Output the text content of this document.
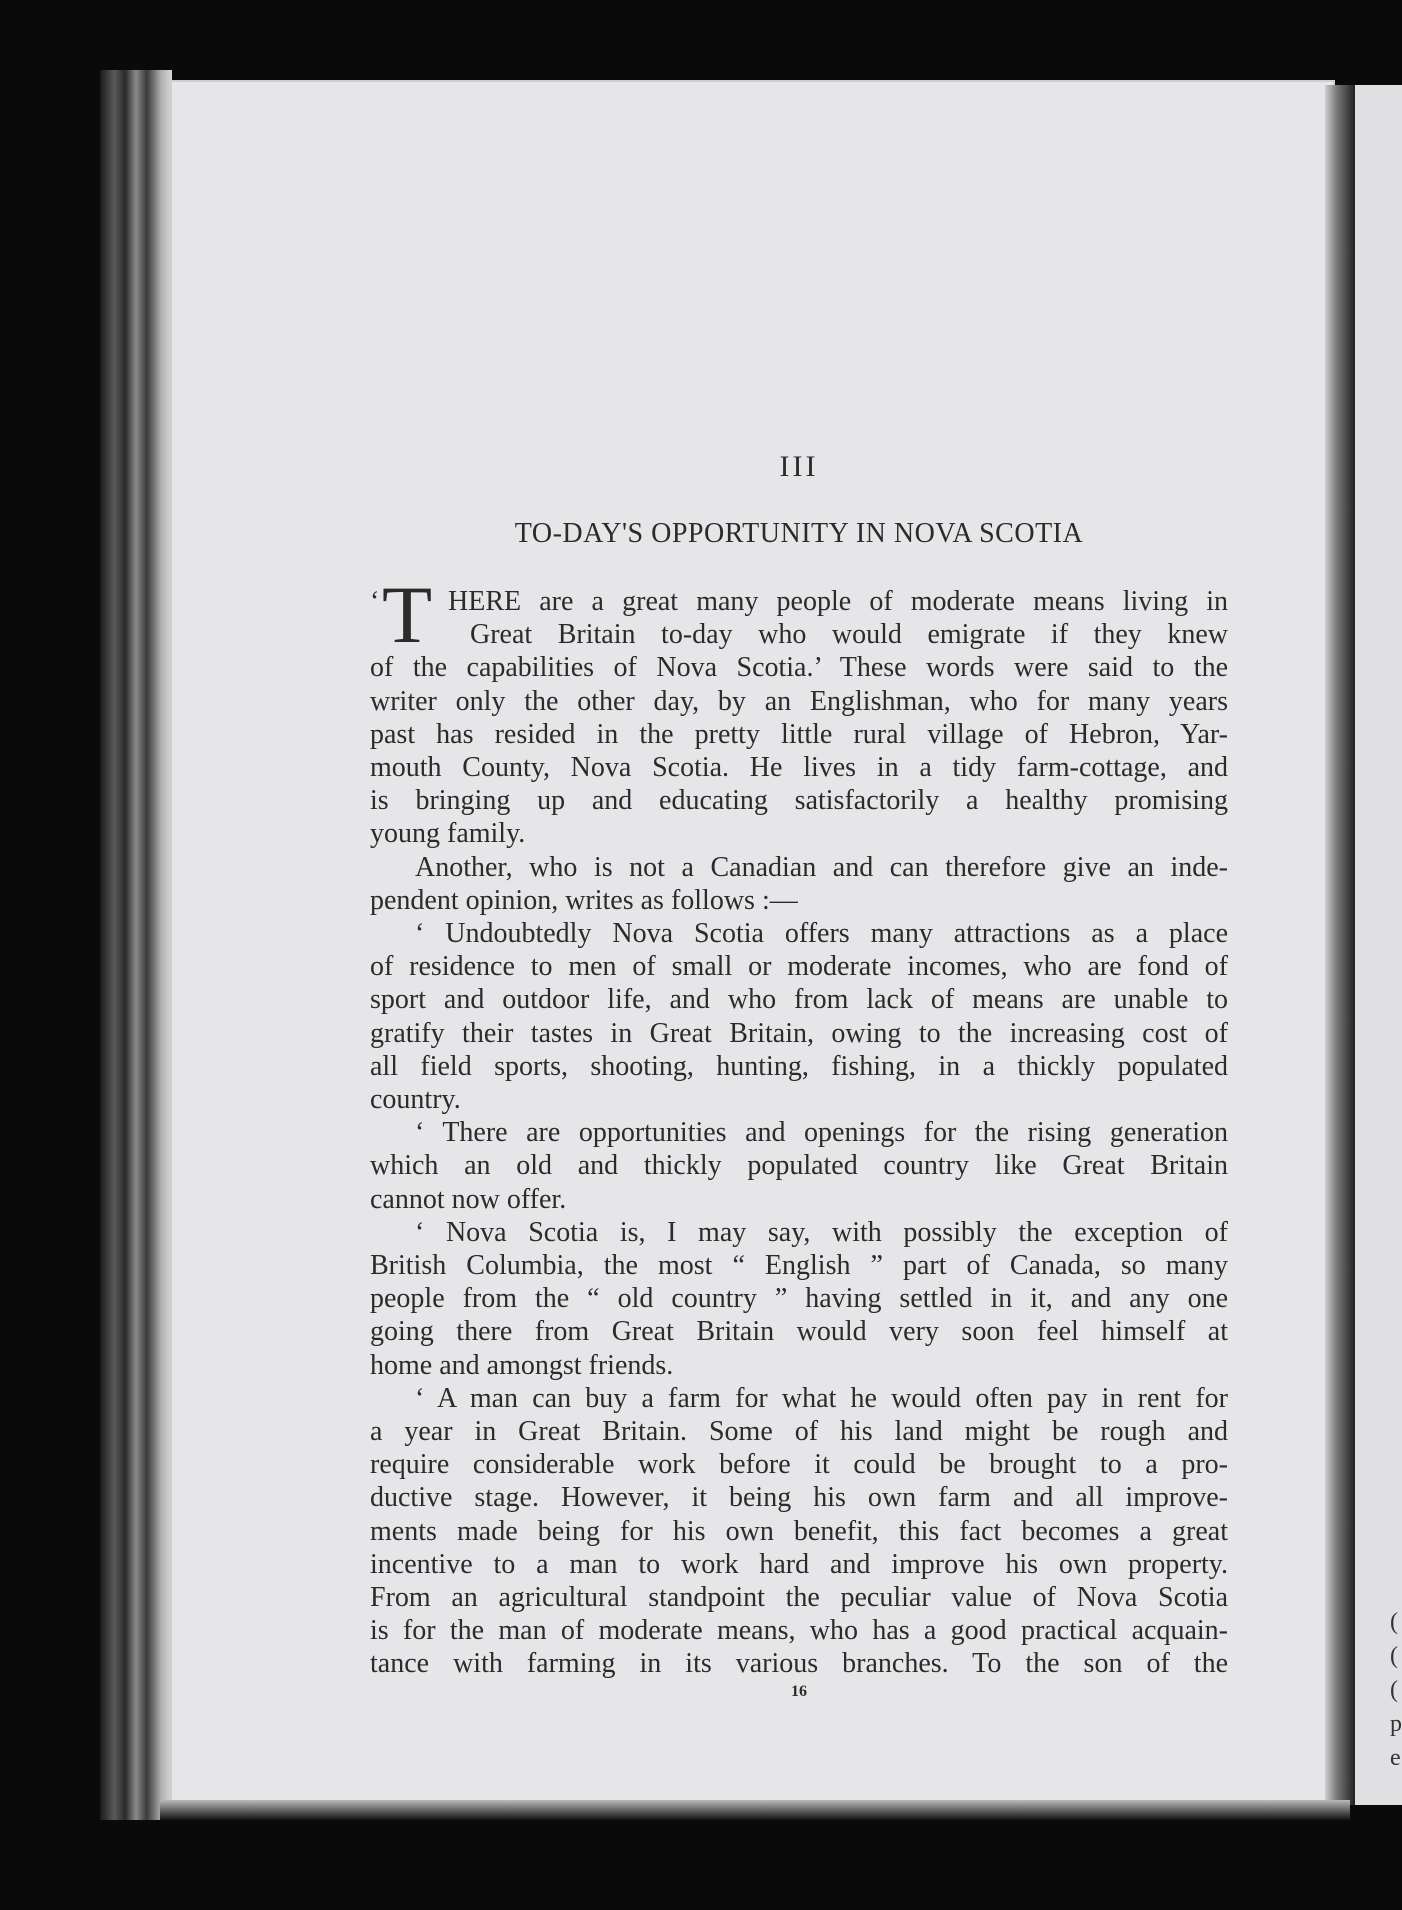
III
TO-DAY'S OPPORTUNITY IN NOVA SCOTIA
‘ T HERE are a great many people of moderate means living in
Great Britain to-day who would emigrate if they knew
of the capabilities of Nova Scotia.’ These words were said to the
writer only the other day, by an Englishman, who for many years
past has resided in the pretty little rural village of Hebron, Yar-
mouth County, Nova Scotia. He lives in a tidy farm-cottage, and
is bringing up and educating satisfactorily a healthy promising
young family.
Another, who is not a Canadian and can therefore give an inde-
pendent opinion, writes as follows :—
‘ Undoubtedly Nova Scotia offers many attractions as a place
of residence to men of small or moderate incomes, who are fond of
sport and outdoor life, and who from lack of means are unable to
gratify their tastes in Great Britain, owing to the increasing cost of
all field sports, shooting, hunting, fishing, in a thickly populated
country.
‘ There are opportunities and openings for the rising generation
which an old and thickly populated country like Great Britain
cannot now offer.
‘ Nova Scotia is, I may say, with possibly the exception of
British Columbia, the most “ English ” part of Canada, so many
people from the “ old country ” having settled in it, and any one
going there from Great Britain would very soon feel himself at
home and amongst friends.
‘ A man can buy a farm for what he would often pay in rent for
a year in Great Britain. Some of his land might be rough and
require considerable work before it could be brought to a pro-
ductive stage. However, it being his own farm and all improve-
ments made being for his own benefit, this fact becomes a great
incentive to a man to work hard and improve his own property.
From an agricultural standpoint the peculiar value of Nova Scotia
is for the man of moderate means, who has a good practical acquain-
tance with farming in its various branches. To the son of the
16
(
(
(
p
e
